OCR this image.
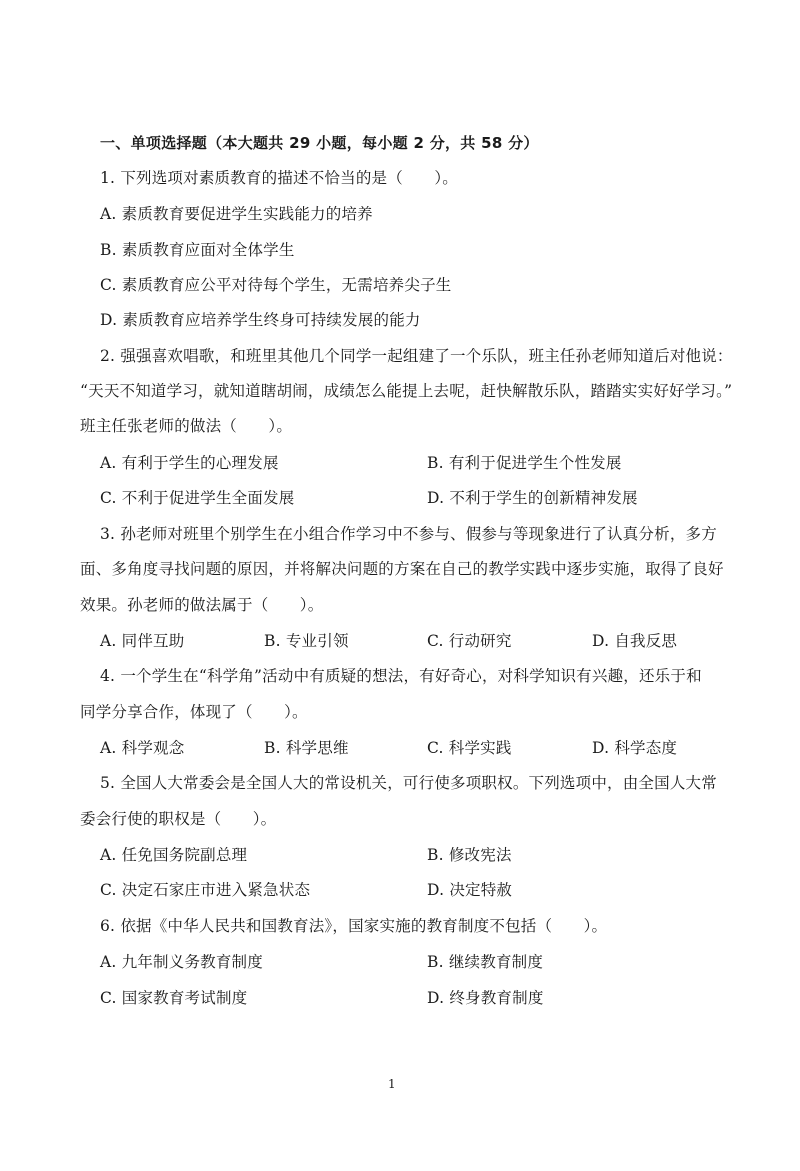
一、单项选择题（本大题共 29 小题，每小题 2 分，共 58 分）
1. 下列选项对素质教育的描述不恰当的是（　　）。
A. 素质教育要促进学生实践能力的培养
B. 素质教育应面对全体学生
C. 素质教育应公平对待每个学生，无需培养尖子生
D. 素质教育应培养学生终身可持续发展的能力
2. 强强喜欢唱歌，和班里其他几个同学一起组建了一个乐队，班主任孙老师知道后对他说：
“天天不知道学习，就知道瞎胡闹，成绩怎么能提上去呢，赶快解散乐队，踏踏实实好好学习。”
班主任张老师的做法（　　）。
A. 有利于学生的心理发展	B. 有利于促进学生个性发展
C. 不利于促进学生全面发展	D. 不利于学生的创新精神发展
3. 孙老师对班里个别学生在小组合作学习中不参与、假参与等现象进行了认真分析，多方
面、多角度寻找问题的原因，并将解决问题的方案在自己的教学实践中逐步实施，取得了良好
效果。孙老师的做法属于（　　）。
A. 同伴互助	B. 专业引领	C. 行动研究	D. 自我反思
4. 一个学生在“科学角”活动中有质疑的想法，有好奇心，对科学知识有兴趣，还乐于和
同学分享合作，体现了（　　）。
A. 科学观念	B. 科学思维	C. 科学实践	D. 科学态度
5. 全国人大常委会是全国人大的常设机关，可行使多项职权。下列选项中，由全国人大常
委会行使的职权是（　　）。
A. 任免国务院副总理	B. 修改宪法
C. 决定石家庄市进入紧急状态	D. 决定特赦
6. 依据《中华人民共和国教育法》，国家实施的教育制度不包括（　　）。
A. 九年制义务教育制度	B. 继续教育制度
C. 国家教育考试制度	D. 终身教育制度
1
